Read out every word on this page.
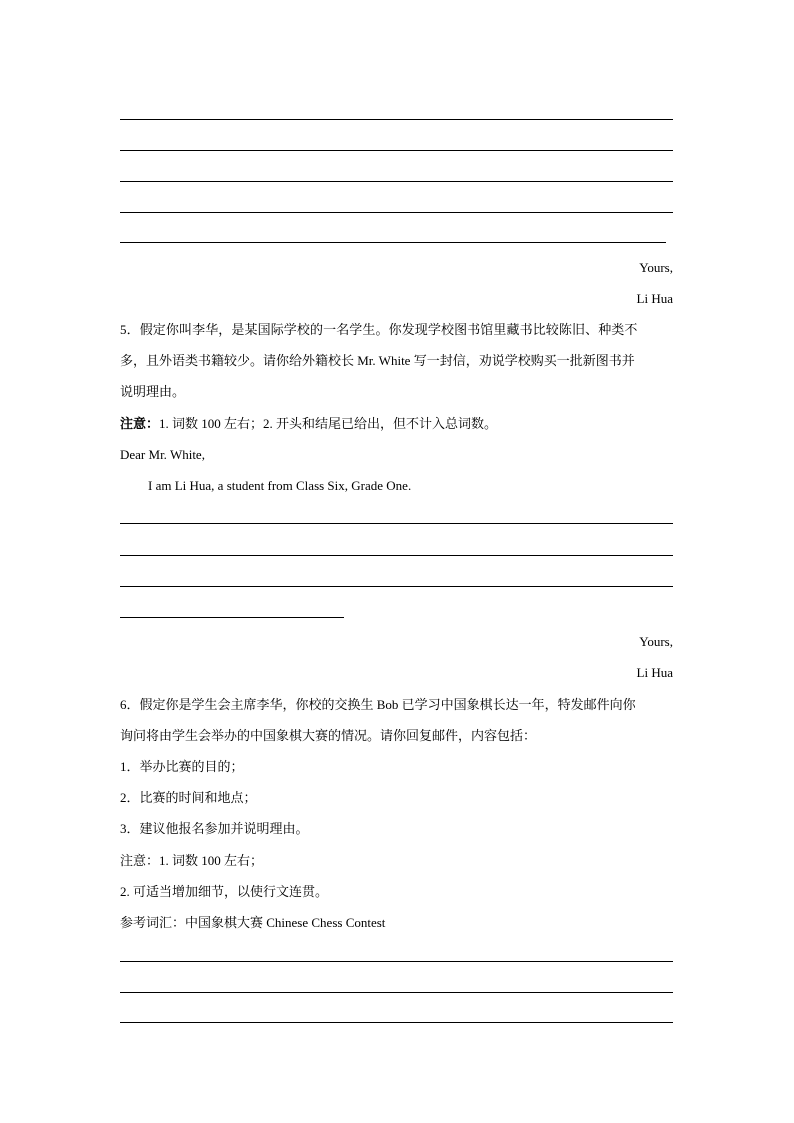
Yours,
Li Hua
5．假定你叫李华，是某国际学校的一名学生。你发现学校图书馆里藏书比较陈旧、种类不
多，且外语类书籍较少。请你给外籍校长 Mr. White 写一封信，劝说学校购买一批新图书并
说明理由。
注意：1. 词数 100 左右；2. 开头和结尾已给出，但不计入总词数。
Dear Mr. White,
I am Li Hua, a student from Class Six, Grade One.
Yours,
Li Hua
6．假定你是学生会主席李华，你校的交换生 Bob 已学习中国象棋长达一年，特发邮件向你
询问将由学生会举办的中国象棋大赛的情况。请你回复邮件，内容包括：
1．举办比赛的目的；
2．比赛的时间和地点；
3．建议他报名参加并说明理由。
注意：1. 词数 100 左右；
2. 可适当增加细节，以使行文连贯。
参考词汇：中国象棋大赛 Chinese Chess Contest
